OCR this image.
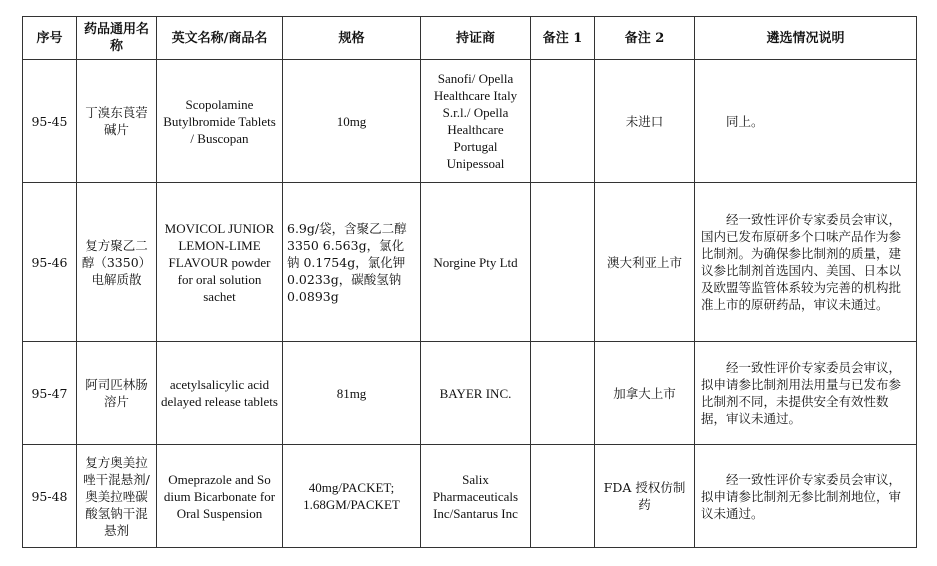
序号	药品通用名称	英文名称/商品名	规格	持证商	备注 1	备注 2	遴选情况说明
95-45	丁溴东莨菪碱片	Scopolamine Butylbromide Tablets / Buscopan	10mg	Sanofi/ Opella Healthcare Italy S.r.l./ Opella Healthcare Portugal Unipessoal		未进口	同上。
95-46	复方聚乙二醇（3350）电解质散	MOVICOL JUNIOR LEMON-LIME FLAVOUR powder for oral solution sachet	6.9g/袋，含聚乙二醇 3350 6.563g，氯化钠 0.1754g，氯化钾 0.0233g，碳酸氢钠 0.0893g	Norgine Pty Ltd		澳大利亚上市	经一致性评价专家委员会审议，国内已发布原研多个口味产品作为参比制剂。为确保参比制剂的质量，建议参比制剂首选国内、美国、日本以及欧盟等监管体系较为完善的机构批准上市的原研药品，审议未通过。
95-47	阿司匹林肠溶片	acetylsalicylic acid delayed release tablets	81mg	BAYER INC.		加拿大上市	经一致性评价专家委员会审议，拟申请参比制剂用法用量与已发布参比制剂不同，未提供安全有效性数据，审议未通过。
95-48	复方奥美拉唑干混悬剂/奥美拉唑碳酸氢钠干混悬剂	Omeprazole and So dium Bicarbonate for Oral Suspension	40mg/PACKET; 1.68GM/PACKET	Salix Pharmaceuticals Inc/Santarus Inc		FDA 授权仿制药	经一致性评价专家委员会审议，拟申请参比制剂无参比制剂地位，审议未通过。
